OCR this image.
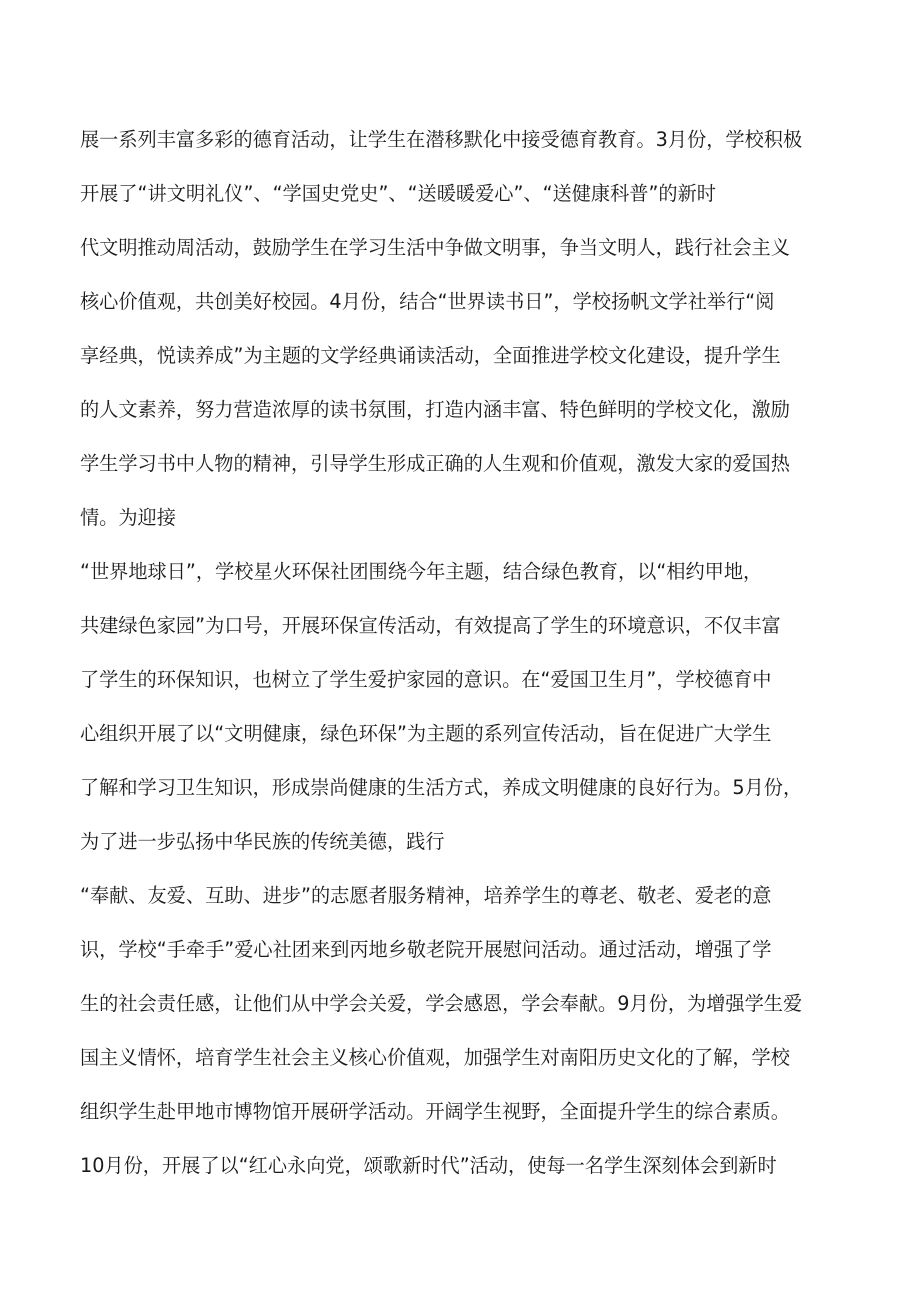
展一系列丰富多彩的德育活动，让学生在潜移默化中接受德育教育。3月份，学校积极
开展了“讲文明礼仪”、“学国史党史”、“送暖暖爱心”、“送健康科普”的新时
代文明推动周活动，鼓励学生在学习生活中争做文明事，争当文明人，践行社会主义
核心价值观，共创美好校园。4月份，结合“世界读书日”，学校扬帆文学社举行“阅
享经典，悦读养成”为主题的文学经典诵读活动，全面推进学校文化建设，提升学生
的人文素养，努力营造浓厚的读书氛围，打造内涵丰富、特色鲜明的学校文化，激励
学生学习书中人物的精神，引导学生形成正确的人生观和价值观，激发大家的爱国热
情。为迎接
“世界地球日”，学校星火环保社团围绕今年主题，结合绿色教育，以“相约甲地，
共建绿色家园”为口号，开展环保宣传活动，有效提高了学生的环境意识，不仅丰富
了学生的环保知识，也树立了学生爱护家园的意识。在“爱国卫生月”，学校德育中
心组织开展了以“文明健康，绿色环保”为主题的系列宣传活动，旨在促进广大学生
了解和学习卫生知识，形成崇尚健康的生活方式，养成文明健康的良好行为。5月份，
为了进一步弘扬中华民族的传统美德，践行
“奉献、友爱、互助、进步”的志愿者服务精神，培养学生的尊老、敬老、爱老的意
识，学校“手牵手”爱心社团来到丙地乡敬老院开展慰问活动。通过活动，增强了学
生的社会责任感，让他们从中学会关爱，学会感恩，学会奉献。9月份，为增强学生爱
国主义情怀，培育学生社会主义核心价值观，加强学生对南阳历史文化的了解，学校
组织学生赴甲地市博物馆开展研学活动。开阔学生视野，全面提升学生的综合素质。
10月份，开展了以“红心永向党，颂歌新时代”活动，使每一名学生深刻体会到新时
